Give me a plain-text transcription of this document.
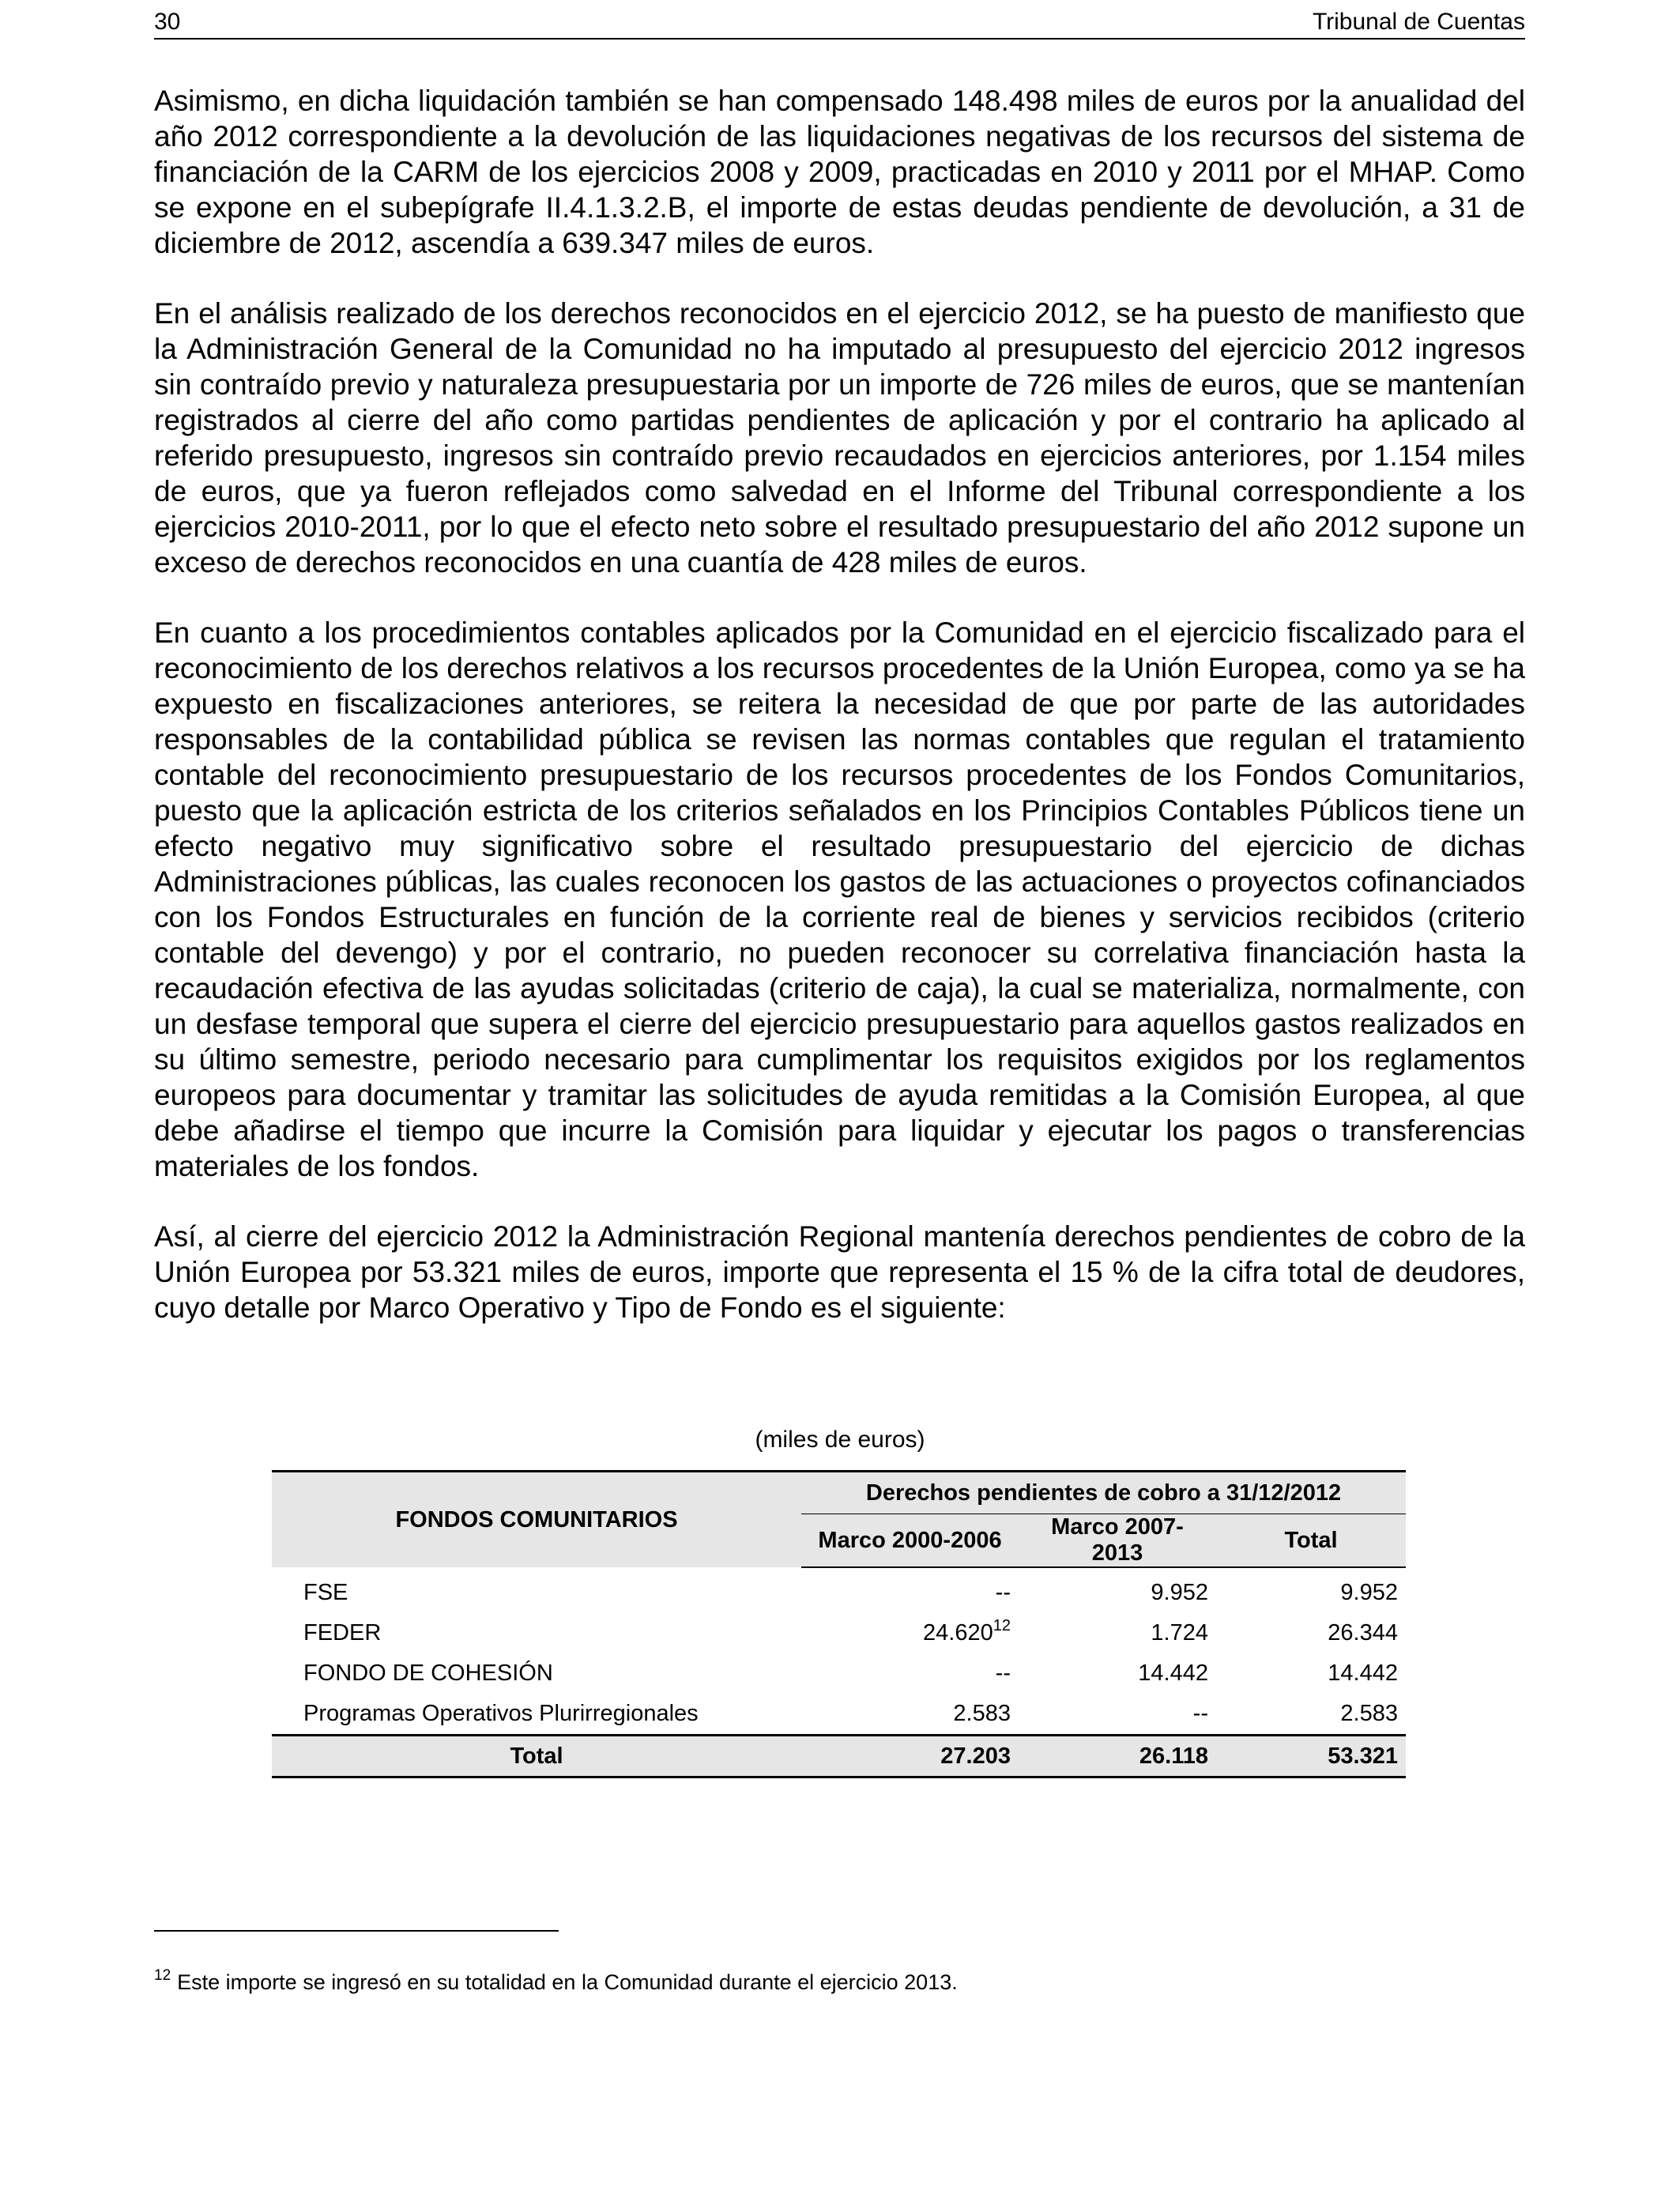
30	Tribunal de Cuentas

Asimismo, en dicha liquidación también se han compensado 148.498 miles de euros por la anualidad del año 2012 correspondiente a la devolución de las liquidaciones negativas de los recursos del sistema de financiación de la CARM de los ejercicios 2008 y 2009, practicadas en 2010 y 2011 por el MHAP. Como se expone en el subepígrafe II.4.1.3.2.B, el importe de estas deudas pendiente de devolución, a 31 de diciembre de 2012, ascendía a 639.347 miles de euros.

En el análisis realizado de los derechos reconocidos en el ejercicio 2012, se ha puesto de manifiesto que la Administración General de la Comunidad no ha imputado al presupuesto del ejercicio 2012 ingresos sin contraído previo y naturaleza presupuestaria por un importe de 726 miles de euros, que se mantenían registrados al cierre del año como partidas pendientes de aplicación y por el contrario ha aplicado al referido presupuesto, ingresos sin contraído previo recaudados en ejercicios anteriores, por 1.154 miles de euros, que ya fueron reflejados como salvedad en el Informe del Tribunal correspondiente a los ejercicios 2010-2011, por lo que el efecto neto sobre el resultado presupuestario del año 2012 supone un exceso de derechos reconocidos en una cuantía de 428 miles de euros.

En cuanto a los procedimientos contables aplicados por la Comunidad en el ejercicio fiscalizado para el reconocimiento de los derechos relativos a los recursos procedentes de la Unión Europea, como ya se ha expuesto en fiscalizaciones anteriores, se reitera la necesidad de que por parte de las autoridades responsables de la contabilidad pública se revisen las normas contables que regulan el tratamiento contable del reconocimiento presupuestario de los recursos procedentes de los Fondos Comunitarios, puesto que la aplicación estricta de los criterios señalados en los Principios Contables Públicos tiene un efecto negativo muy significativo sobre el resultado presupuestario del ejercicio de dichas Administraciones públicas, las cuales reconocen los gastos de las actuaciones o proyectos cofinanciados con los Fondos Estructurales en función de la corriente real de bienes y servicios recibidos (criterio contable del devengo) y por el contrario, no pueden reconocer su correlativa financiación hasta la recaudación efectiva de las ayudas solicitadas (criterio de caja), la cual se materializa, normalmente, con un desfase temporal que supera el cierre del ejercicio presupuestario para aquellos gastos realizados en su último semestre, periodo necesario para cumplimentar los requisitos exigidos por los reglamentos europeos para documentar y tramitar las solicitudes de ayuda remitidas a la Comisión Europea, al que debe añadirse el tiempo que incurre la Comisión para liquidar y ejecutar los pagos o transferencias materiales de los fondos.

Así, al cierre del ejercicio 2012 la Administración Regional mantenía derechos pendientes de cobro de la Unión Europea por 53.321 miles de euros, importe que representa el 15 % de la cifra total de deudores, cuyo detalle por Marco Operativo y Tipo de Fondo es el siguiente:

(miles de euros)
FONDOS COMUNITARIOS	Derechos pendientes de cobro a 31/12/2012		
	Marco 2000-2006	Marco 2007-2013	Total
FSE	--	9.952	9.952
FEDER	24.620$^{12}$	1.724	26.344
FONDO DE COHESIÓN	--	14.442	14.442
Programas Operativos Plurirregionales	2.583	--	2.583
Total	27.203	26.118	53.321
$^{12}$ Este importe se ingresó en su totalidad en la Comunidad durante el ejercicio 2013.
